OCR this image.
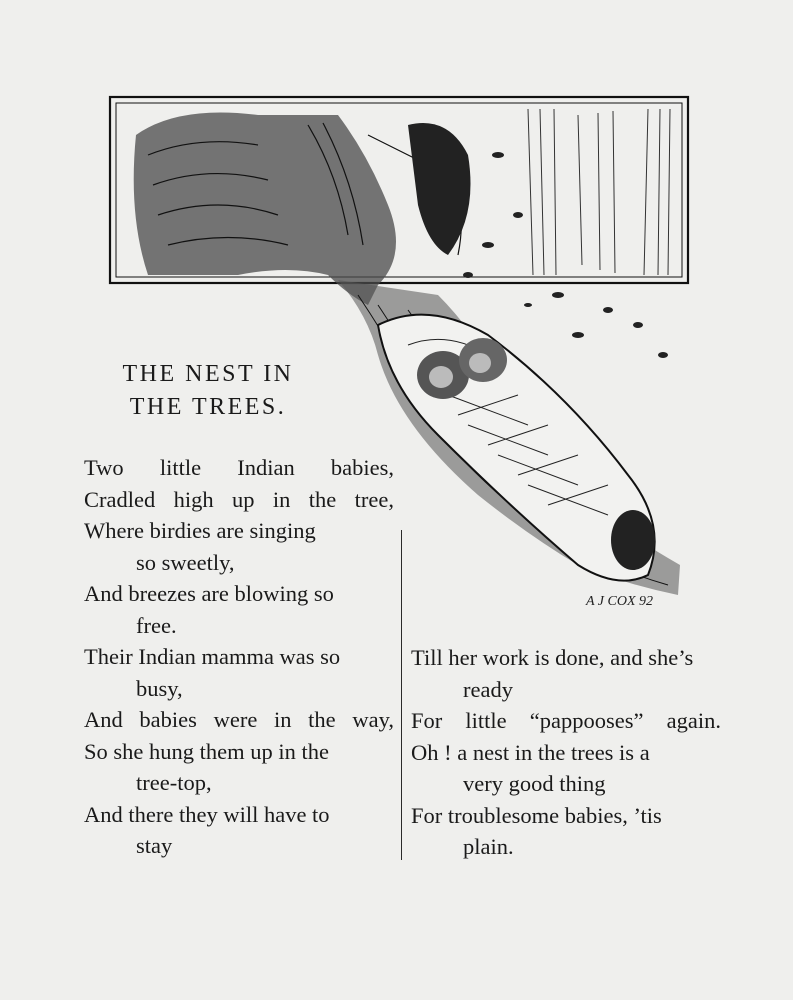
A J COX 92
THE NEST IN
THE TREES.
Two little Indian babies,
Cradled high up in the tree,
Where birdies are singing
so sweetly,
And breezes are blowing so
free.
Their Indian mamma was so
busy,
And babies were in the way,
So she hung them up in the
tree-top,
And there they will have to
stay
Till her work is done, and she’s
ready
For little “pappooses” again.
Oh ! a nest in the trees is a
very good thing
For troublesome babies, ’tis
plain.
